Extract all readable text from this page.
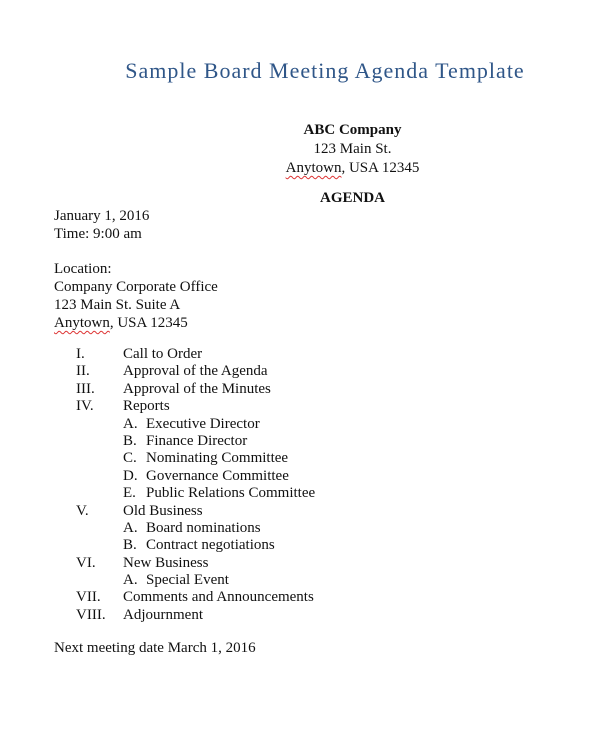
Sample Board Meeting Agenda Template
ABC Company
123 Main St.
Anytown, USA 12345
AGENDA
January 1, 2016
Time: 9:00 am
Location:
Company Corporate Office
123 Main St. Suite A
Anytown, USA 12345
I.	Call to Order
II. Approval of the Agenda
III. Approval of the Minutes
IV. Reports
A. Executive Director
B. Finance Director
C. Nominating Committee
D. Governance Committee
E. Public Relations Committee
V. Old Business
A. Board nominations
B. Contract negotiations
VI. New Business
A. Special Event
VII. Comments and Announcements
VIII. Adjournment
Next meeting date March 1, 2016
